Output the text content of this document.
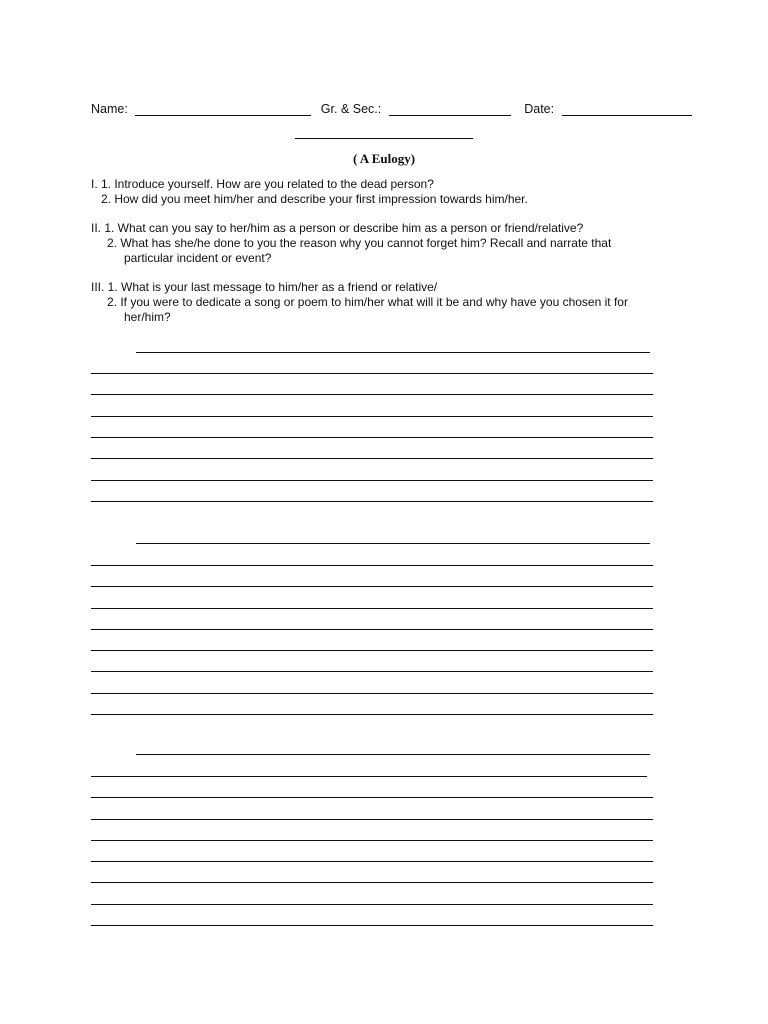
Name:	Gr. & Sec.:	Date:
( A Eulogy)
I. 1. Introduce yourself. How are you related to the dead person?
2. How did you meet him/her and describe your first impression towards him/her.
II. 1. What can you say to her/him as a person or describe him as a person or friend/relative?
2. What has she/he done to you the reason why you cannot forget him? Recall and narrate that
particular incident or event?
III. 1. What is your last message to him/her as a friend or relative/
2. If you were to dedicate a song or poem to him/her what will it be and why have you chosen it for
her/him?
